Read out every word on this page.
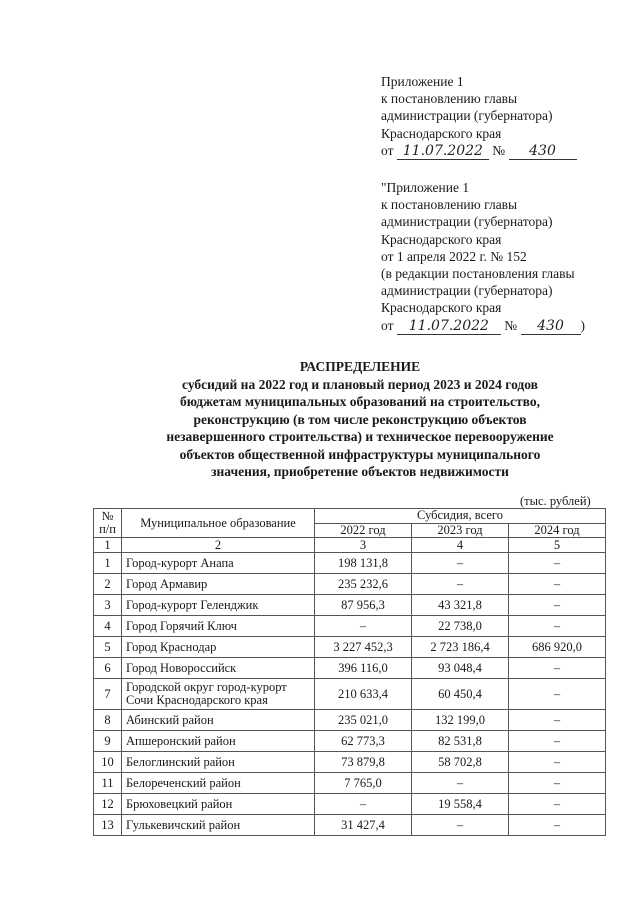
Приложение 1
к постановлению главы
администрации (губернатора)
Краснодарского края
от 11.07.2022 № 430
"Приложение 1
к постановлению главы
администрации (губернатора)
Краснодарского края
от 1 апреля 2022 г. № 152
(в редакции постановления главы
администрации (губернатора)
Краснодарского края
от 11.07.2022 № 430 )
РАСПРЕДЕЛЕНИЕ
субсидий на 2022 год и плановый период 2023 и 2024 годов
бюджетам муниципальных образований на строительство,
реконструкцию (в том числе реконструкцию объектов
незавершенного строительства) и техническое перевооружение
объектов общественной инфраструктуры муниципального
значения, приобретение объектов недвижимости
(тыс. рублей)
№ п/п	Муниципальное образование	Субсидия, всего		
		2022 год	2023 год	2024 год
1	2	3	4	5
1	Город-курорт Анапа	198 131,8	–	–
2	Город Армавир	235 232,6	–	–
3	Город-курорт Геленджик	87 956,3	43 321,8	–
4	Город Горячий Ключ	–	22 738,0	–
5	Город Краснодар	3 227 452,3	2 723 186,4	686 920,0
6	Город Новороссийск	396 116,0	93 048,4	–
7	Городской округ город-курорт Сочи Краснодарского края	210 633,4	60 450,4	–
8	Абинский район	235 021,0	132 199,0	–
9	Апшеронский район	62 773,3	82 531,8	–
10	Белоглинский район	73 879,8	58 702,8	–
11	Белореченский район	7 765,0	–	–
12	Брюховецкий район	–	19 558,4	–
13	Гулькевичский район	31 427,4	–	–
